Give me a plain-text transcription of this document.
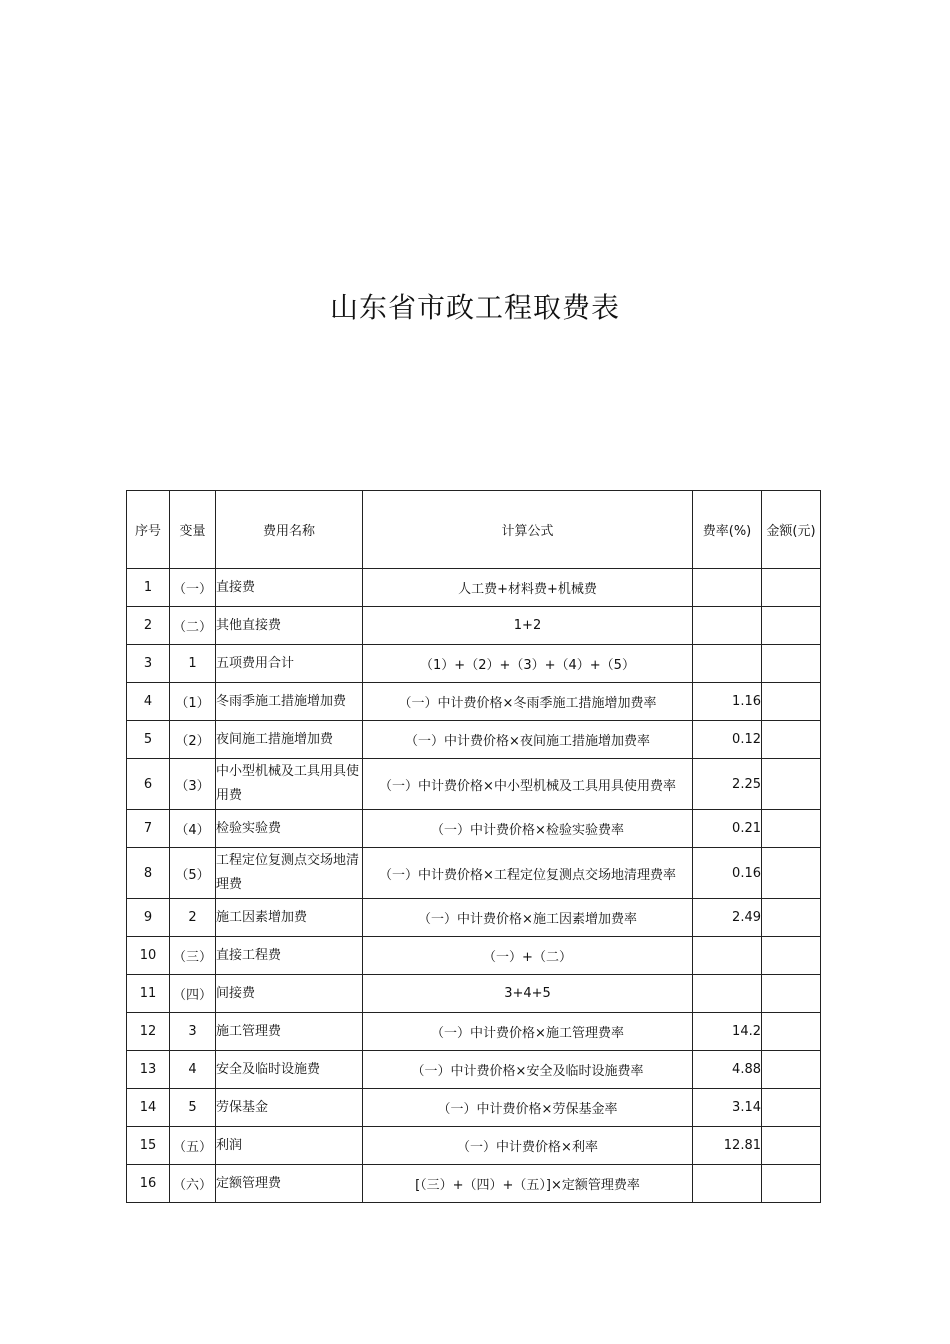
山东省市政工程取费表
序号	变量	费用名称	计算公式	费率(%)	金额(元)
1	（一）	直接费	人工费+材料费+机械费		
2	（二）	其他直接费	1+2		
3	1	五项费用合计	（1）+（2）+（3）+（4）+（5）		
4	（1）	冬雨季施工措施增加费	（一）中计费价格×冬雨季施工措施增加费率	1.16	
5	（2）	夜间施工措施增加费	（一）中计费价格×夜间施工措施增加费率	0.12	
6	（3）	中小型机械及工具用具使用费	（一）中计费价格×中小型机械及工具用具使用费率	2.25	
7	（4）	检验实验费	（一）中计费价格×检验实验费率	0.21	
8	（5）	工程定位复测点交场地清理费	（一）中计费价格×工程定位复测点交场地清理费率	0.16	
9	2	施工因素增加费	（一）中计费价格×施工因素增加费率	2.49	
10	（三）	直接工程费	（一）+（二）		
11	（四）	间接费	3+4+5		
12	3	施工管理费	（一）中计费价格×施工管理费率	14.2	
13	4	安全及临时设施费	（一）中计费价格×安全及临时设施费率	4.88	
14	5	劳保基金	（一）中计费价格×劳保基金率	3.14	
15	（五）	利润	（一）中计费价格×利率	12.81	
16	（六）	定额管理费	[（三）+（四）+（五）]×定额管理费率		
